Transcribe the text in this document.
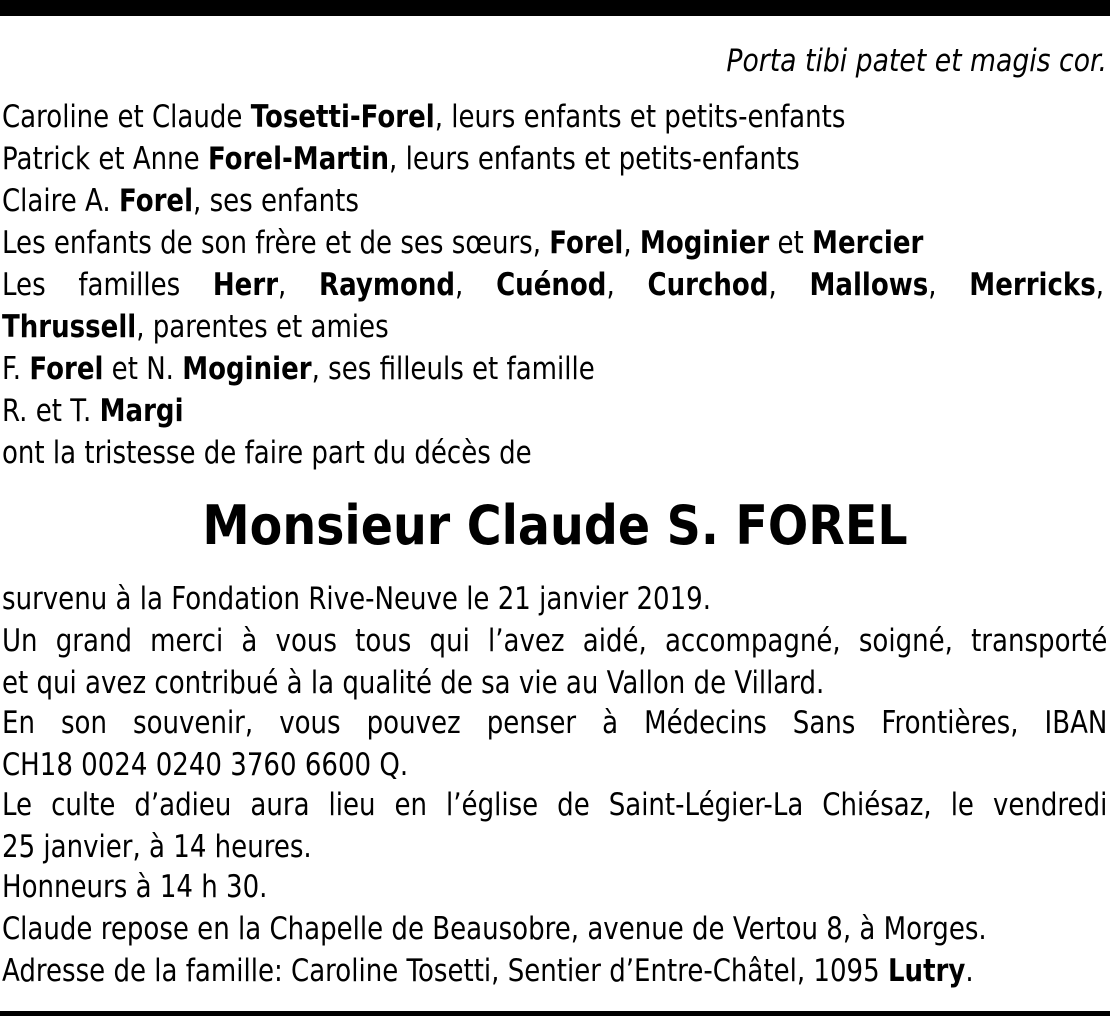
Porta tibi patet et magis cor.
Caroline et Claude Tosetti-Forel, leurs enfants et petits-enfants
Patrick et Anne Forel-Martin, leurs enfants et petits-enfants
Claire A. Forel, ses enfants
Les enfants de son frère et de ses sœurs, Forel, Moginier et Mercier
Les familles Herr, Raymond, Cuénod, Curchod, Mallows, Merricks,
Thrussell, parentes et amies
F. Forel et N. Moginier, ses filleuls et famille
R. et T. Margi
ont la tristesse de faire part du décès de
Monsieur Claude S. FOREL
survenu à la Fondation Rive-Neuve le 21 janvier 2019.
Un grand merci à vous tous qui l’avez aidé, accompagné, soigné, transporté
et qui avez contribué à la qualité de sa vie au Vallon de Villard.
En son souvenir, vous pouvez penser à Médecins Sans Frontières, IBAN
CH18 0024 0240 3760 6600 Q.
Le culte d’adieu aura lieu en l’église de Saint-Légier-La Chiésaz, le vendredi
25 janvier, à 14 heures.
Honneurs à 14 h 30.
Claude repose en la Chapelle de Beausobre, avenue de Vertou 8, à Morges.
Adresse de la famille: Caroline Tosetti, Sentier d’Entre-Châtel, 1095 Lutry.
